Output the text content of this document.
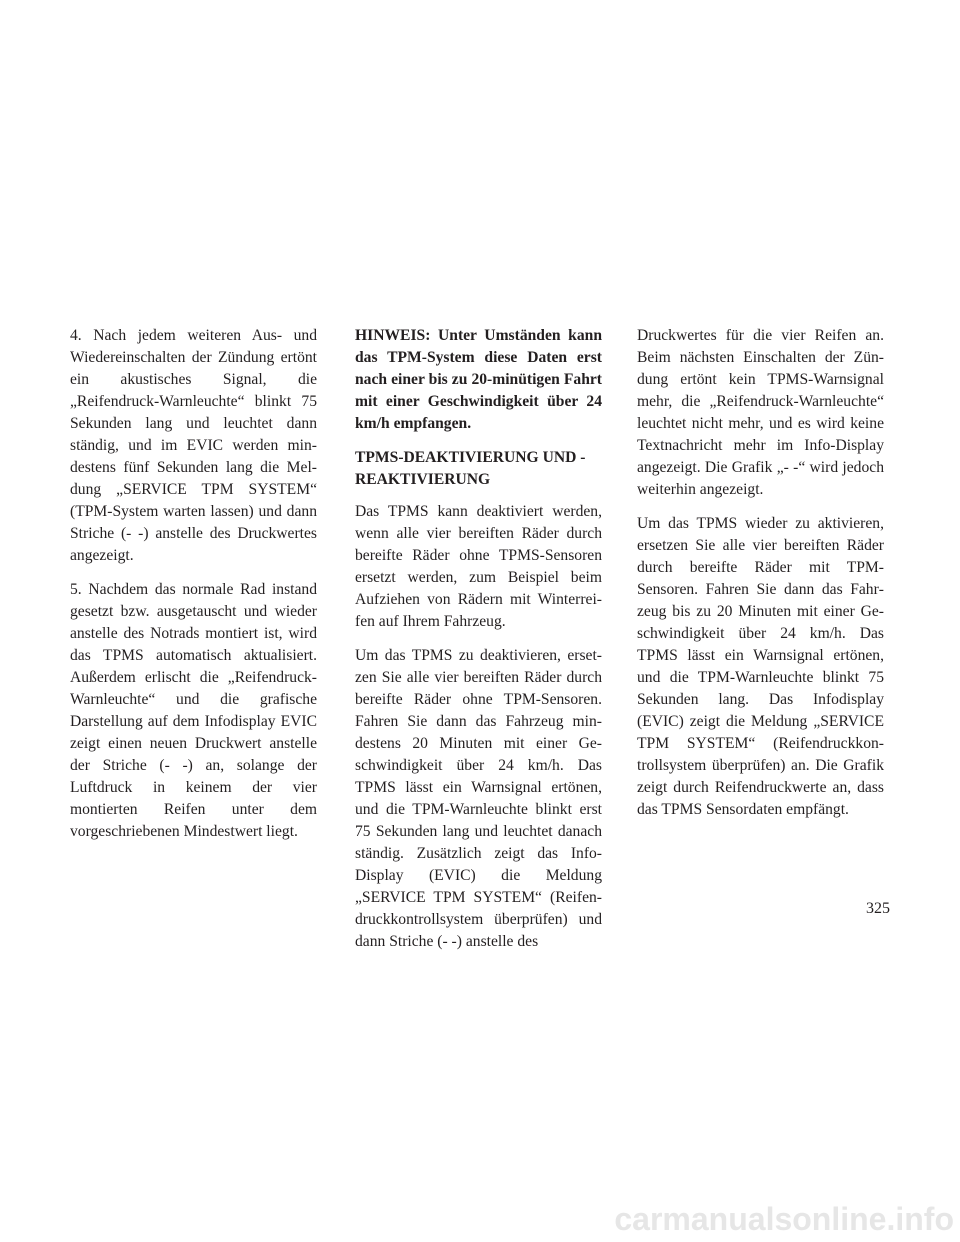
4. Nach jedem weiteren Aus- und Wiedereinschalten der Zündung ertönt ein akustisches Signal, die „Reifendruck-Warnleuchte“ blinkt 75 Sekunden lang und leuchtet dann ständig, und im EVIC werden mindestens fünf Sekunden lang die Meldung „SERVICE TPM SYSTEM“ (TPM-System warten lassen) und dann Striche (- -) anstelle des Druckwertes angezeigt.

5. Nachdem das normale Rad instand gesetzt bzw. ausgetauscht und wieder anstelle des Notrads montiert ist, wird das TPMS automatisch aktualisiert. Außerdem erlischt die „Reifendruck-Warnleuchte“ und die grafische Darstellung auf dem Infodisplay EVIC zeigt einen neuen Druckwert anstelle der Striche (- -) an, solange der Luftdruck in keinem der vier montierten Reifen unter dem vorgeschriebenen Mindestwert liegt.

HINWEIS: Unter Umständen kann das TPM-System diese Daten erst nach einer bis zu 20-minütigen Fahrt mit einer Geschwindigkeit über 24 km/h empfangen.

TPMS-DEAKTIVIERUNG UND -REAKTIVIERUNG

Das TPMS kann deaktiviert werden, wenn alle vier bereiften Räder durch bereifte Räder ohne TPMS-Sensoren ersetzt werden, zum Beispiel beim Aufziehen von Rädern mit Winterreifen auf Ihrem Fahrzeug.

Um das TPMS zu deaktivieren, ersetzen Sie alle vier bereiften Räder durch bereifte Räder ohne TPM-Sensoren. Fahren Sie dann das Fahrzeug mindestens 20 Minuten mit einer Geschwindigkeit über 24 km/h. Das TPMS lässt ein Warnsignal ertönen, und die TPM-Warnleuchte blinkt erst 75 Sekunden lang und leuchtet danach ständig. Zusätzlich zeigt das Info-Display (EVIC) die Meldung „SERVICE TPM SYSTEM“ (Reifendruckkontrollsystem überprüfen) und dann Striche (- -) anstelle des

Druckwertes für die vier Reifen an. Beim nächsten Einschalten der Zündung ertönt kein TPMS-Warnsignal mehr, die „Reifendruck-Warnleuchte“ leuchtet nicht mehr, und es wird keine Textnachricht mehr im Info-Display angezeigt. Die Grafik „- -“ wird jedoch weiterhin angezeigt.

Um das TPMS wieder zu aktivieren, ersetzen Sie alle vier bereiften Räder durch bereifte Räder mit TPM-Sensoren. Fahren Sie dann das Fahrzeug bis zu 20 Minuten mit einer Geschwindigkeit über 24 km/h. Das TPMS lässt ein Warnsignal ertönen, und die TPM-Warnleuchte blinkt 75 Sekunden lang. Das Infodisplay (EVIC) zeigt die Meldung „SERVICE TPM SYSTEM“ (Reifendruckkontrollsystem überprüfen) an. Die Grafik zeigt durch Reifendruckwerte an, dass das TPMS Sensordaten empfängt.

325
carmanualsonline.info
